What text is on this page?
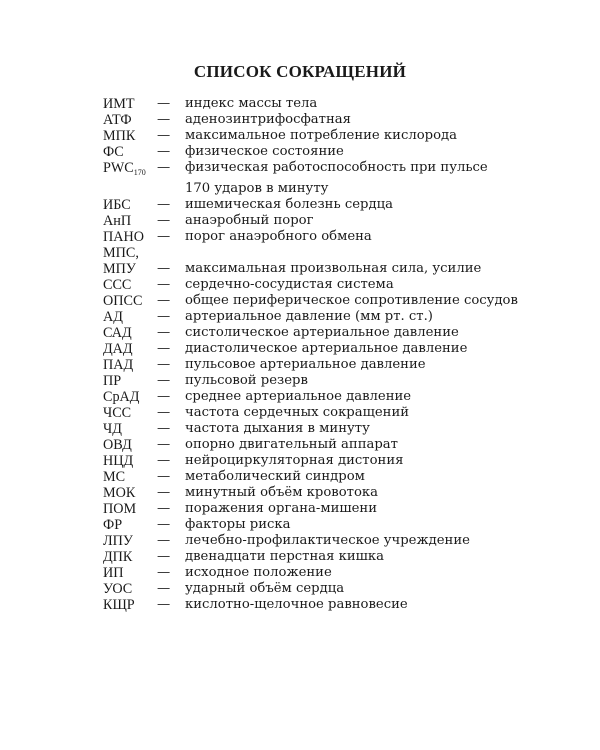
СПИСОК СОКРАЩЕНИЙ
ИМТ	—	индекс массы тела
АТФ	—	аденозинтрифосфатная
МПК	—	максимальное потребление кислорода
ФС	—	физическое состояние
$PWC_{170}$ —	физическая работоспособность при пульсе
170 ударов в минуту
ИБС	—	ишемическая болезнь сердца
АнП	—	анаэробный порог
ПАНО —	порог анаэробного обмена
МПС,
МПУ	—	максимальная произвольная сила, усилие
ССС	—	сердечно-сосудистая система
ОПСС	—	общее периферическое сопротивление сосудов
АД	—	артериальное давление (мм рт. ст.)
САД	—	систолическое артериальное давление
ДАД	—	диастолическое артериальное давление
ПАД	—	пульсовое артериальное давление
ПР	—	пульсовой резерв
СрАД	—	среднее артериальное давление
ЧСС	—	частота сердечных сокращений
ЧД	—	частота дыхания в минуту
ОВД	—	опорно двигательный аппарат
НЦД	—	нейроциркуляторная дистония
МС	—	метаболический синдром
МОК	—	минутный объём кровотока
ПОМ	—	поражения органа-мишени
ФР	—	факторы риска
ЛПУ	—	лечебно-профилактическое учреждение
ДПК	—	двенадцати перстная кишка
ИП	—	исходное положение
УОС	—	ударный объём сердца
КЩР	—	кислотно-щелочное равновесие
